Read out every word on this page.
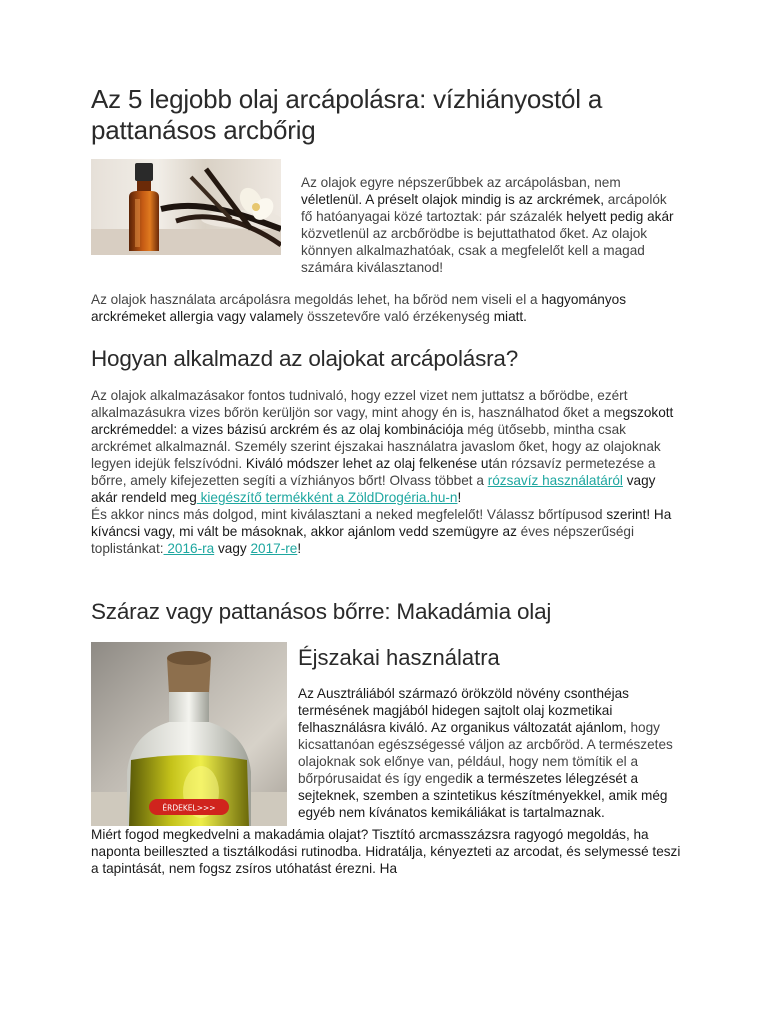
Az 5 legjobb olaj arcápolásra: vízhiányostól a pattanásos arcbőrig

Az olajok egyre népszerűbbek az arcápolásban, nem véletlenül. A préselt olajok mindig is az arckrémek, arcápolók fő hatóanyagai közé tartoztak: pár százalék helyett pedig akár közvetlenül az arcbőrödbe is bejuttathatod őket. Az olajok könnyen alkalmazhatóak, csak a megfelelőt kell a magad számára kiválasztanod!

Az olajok használata arcápolásra megoldás lehet, ha bőröd nem viseli el a hagyományos arckrémeket allergia vagy valamely összetevőre való érzékenység miatt.

Hogyan alkalmazd az olajokat arcápolásra?

Az olajok alkalmazásakor fontos tudnivaló, hogy ezzel vizet nem juttatsz a bőrödbe, ezért alkalmazásukra vizes bőrön kerüljön sor vagy, mint ahogy én is, használhatod őket a megszokott arckrémeddel: a vizes bázisú arckrém és az olaj kombinációja még ütősebb, mintha csak arckrémet alkalmaznál. Személy szerint éjszakai használatra javaslom őket, hogy az olajoknak legyen idejük felszívódni. Kiváló módszer lehet az olaj felkenése után rózsavíz permetezése a bőrre, amely kifejezetten segíti a vízhiányos bőrt! Olvass többet a rózsavíz használatáról vagy akár rendeld meg kiegészítő termékként a ZöldDrogéria.hu-n!

És akkor nincs más dolgod, mint kiválasztani a neked megfelelőt! Válassz bőrtípusod szerint! Ha kíváncsi vagy, mi vált be másoknak, akkor ajánlom vedd szemügyre az éves népszerűségi toplistánkat: 2016-ra vagy 2017-re!

Száraz vagy pattanásos bőrre: Makadámia olaj
ÉRDEKEL>>>
Éjszakai használatra

Az Ausztráliából származó örökzöld növény csonthéjas termésének magjából hidegen sajtolt olaj kozmetikai felhasználásra kiváló. Az organikus változatát ajánlom, hogy kicsattanóan egészségessé váljon az arcbőröd. A természetes olajoknak sok előnye van, például, hogy nem tömítik el a bőrpórusaidat és így engedik a természetes lélegzését a sejteknek, szemben a szintetikus készítményekkel, amik még egyéb nem kívánatos kemikáliákat is tartalmaznak.

Miért fogod megkedvelni a makadámia olajat? Tisztító arcmasszázsra ragyogó megoldás, ha naponta beilleszted a tisztálkodási rutinodba. Hidratálja, kényezteti az arcodat, és selymessé teszi a tapintását, nem fogsz zsíros utóhatást érezni. Ha
